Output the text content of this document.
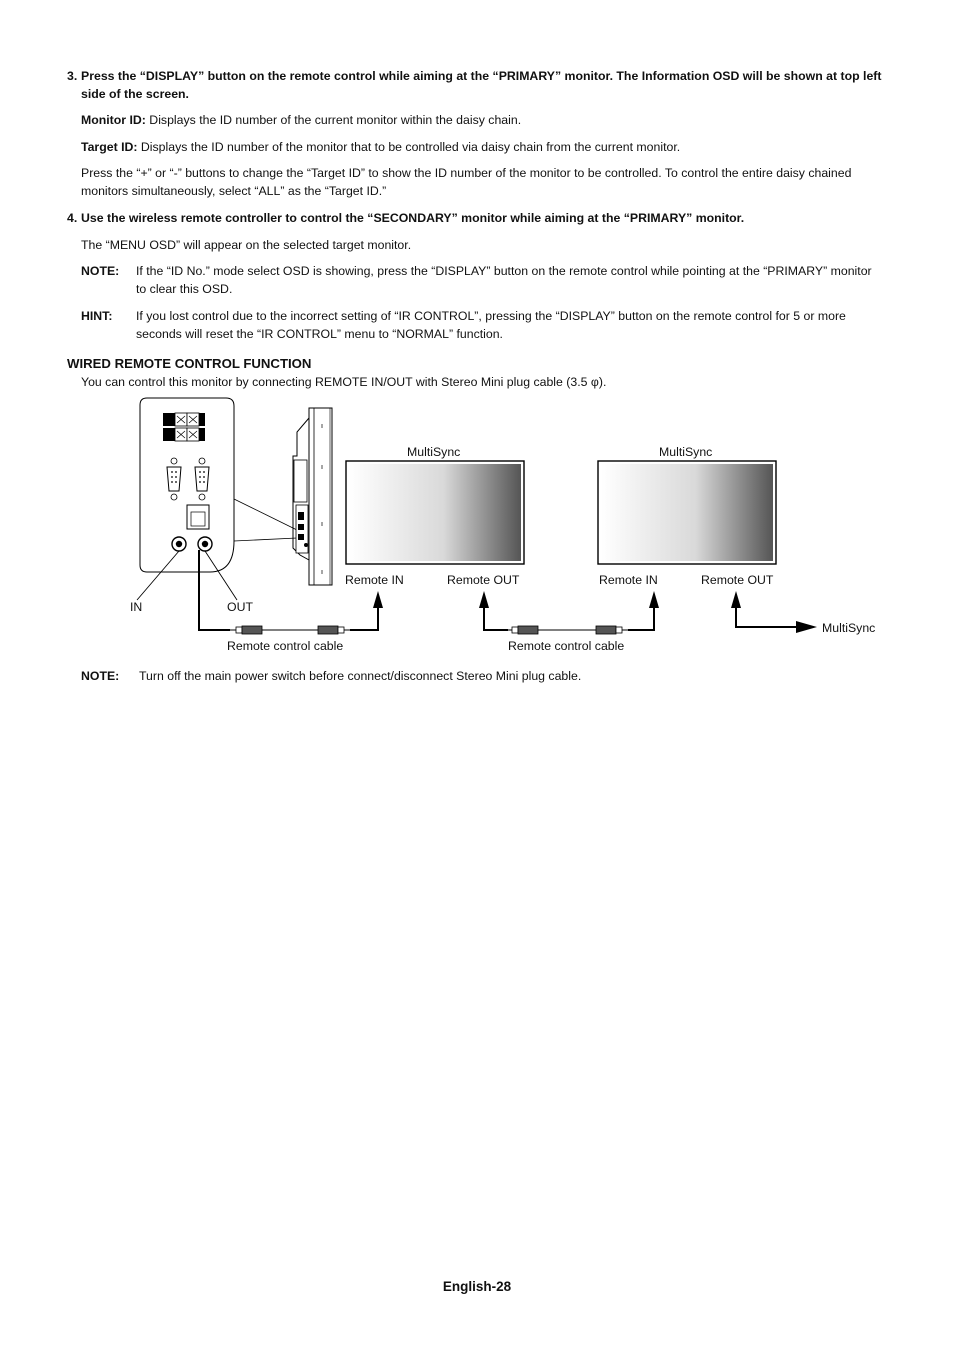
3. Press the “DISPLAY” button on the remote control while aiming at the “PRIMARY” monitor. The Information OSD will be shown at top left side of the screen.

Monitor ID: Displays the ID number of the current monitor within the daisy chain.

Target ID: Displays the ID number of the monitor that to be controlled via daisy chain from the current monitor.

Press the “+” or “-” buttons to change the “Target ID” to show the ID number of the monitor to be controlled. To control the entire daisy chained monitors simultaneously, select “ALL” as the “Target ID.”

4. Use the wireless remote controller to control the “SECONDARY” monitor while aiming at the “PRIMARY” monitor.

The “MENU OSD” will appear on the selected target monitor.

NOTE: If the “ID No.” mode select OSD is showing, press the “DISPLAY” button on the remote control while pointing at the “PRIMARY” monitor to clear this OSD.
HINT: If you lost control due to the incorrect setting of “IR CONTROL”, pressing the “DISPLAY” button on the remote control for 5 or more seconds will reset the “IR CONTROL” menu to “NORMAL” function.
WIRED REMOTE CONTROL FUNCTION

You can control this monitor by connecting REMOTE IN/OUT with Stereo Mini plug cable (3.5 φ).

IN	OUT
MultiSync	MultiSync
Remote IN	Remote OUT	Remote IN	Remote OUT
Remote control cable	Remote control cable
MultiSync
NOTE: Turn off the main power switch before connect/disconnect Stereo Mini plug cable.
English-28
